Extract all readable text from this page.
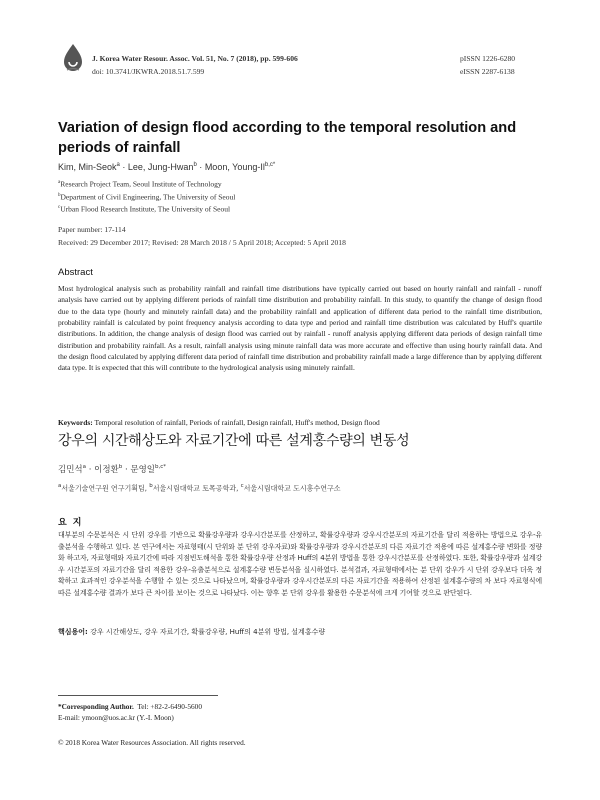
J. Korea Water Resour. Assoc. Vol. 51, No. 7 (2018), pp. 599-606
doi: 10.3741/JKWRA.2018.51.7.599
pISSN 1226-6280
eISSN 2287-6138
Variation of design flood according to the temporal resolution and periods of rainfall
Kim, Min-Seok$^a$ · Lee, Jung-Hwan$^b$ · Moon, Young-$Il^{b,c*}$
$^a$Research Project Team, Seoul Institute of Technology
$^b$Department of Civil Engineering, The University of Seoul
$^c$Urban Flood Research Institute, The University of Seoul
Paper number: 17-114
Received: 29 December 2017; Revised: 28 March 2018 / 5 April 2018; Accepted: 5 April 2018
Abstract
Most hydrological analysis such as probability rainfall and rainfall time distributions have typically carried out based on hourly rainfall and rainfall - runoff analysis have carried out by applying different periods of rainfall time distribution and probability rainfall. In this study, to quantify the change of design flood due to the data type (hourly and minutely rainfall data) and the probability rainfall and application of different data period to the rainfall time distribution, probability rainfall is calculated by point frequency analysis according to data type and period and rainfall time distribution was calculated by Huff's quartile distributions. In addition, the change analysis of design flood was carried out by rainfall - runoff analysis applying different data periods of design rainfall time distribution and probability rainfall. As a result, rainfall analysis using minute rainfall data was more accurate and effective than using hourly rainfall data. And the design flood calculated by applying different data period of rainfall time distribution and probability rainfall made a large difference than by applying different data type. It is expected that this will contribute to the hydrological analysis using minutely rainfall.
Keywords: Temporal resolution of rainfall, Periods of rainfall, Design rainfall, Huff's method, Design flood
강우의 시간해상도와 자료기간에 따른 설계홍수량의 변동성
김민석$^a$ · 이정환$^b$ · 문영일$^{b,c*}$
$^a$서울기술연구원 연구기획팀, $^b$서울시립대학교 토목공학과, $^c$서울시립대학교 도시홍수연구소
요지
대부분의 수문분석은 시 단위 강우를 기반으로 확률강우량과 강우시간분포를 산정하고, 확률강우량과 강우시간분포의 자료기간을 달리 적용하는 방법으로 강우-유출분석을 수행하고 있다. 본 연구에서는 자료형태(시 단위와 분 단위 강우자료)와 확률강우량과 강우시간분포의 다른 자료기간 적용에 따른 설계홍수량 변화를 정량화 하고자, 자료형태와 자료기간에 따라 지점빈도해석을 통한 확률강우량 산정과 Huff의 4분위 방법을 통한 강우시간분포를 산정하였다. 또한, 확률강우량과 설계강우 시간분포의 자료기간을 달리 적용한 강우-유출분석으로 설계홍수량 변동분석을 실시하였다. 분석결과, 자료형태에서는 분 단위 강우가 시 단위 강우보다 더욱 정확하고 효과적인 강우분석을 수행할 수 있는 것으로 나타났으며, 확률강우량과 강우시간분포의 다른 자료기간을 적용하여 산정된 설계홍수량의 차 보다 자료형식에 따른 설계홍수량 결과가 보다 큰 차이를 보이는 것으로 나타났다. 이는 향후 분 단위 강우를 활용한 수문분석에 크게 기여할 것으로 판단된다.
핵심용어: 강우 시간해상도, 강우 자료기간, 확률강우량, Huff의 4분위 방법, 설계홍수량
*Corresponding Author. Tel: +82-2-6490-5600
E-mail: ymoon@uos.ac.kr (Y.-I. Moon)
© 2018 Korea Water Resources Association. All rights reserved.
